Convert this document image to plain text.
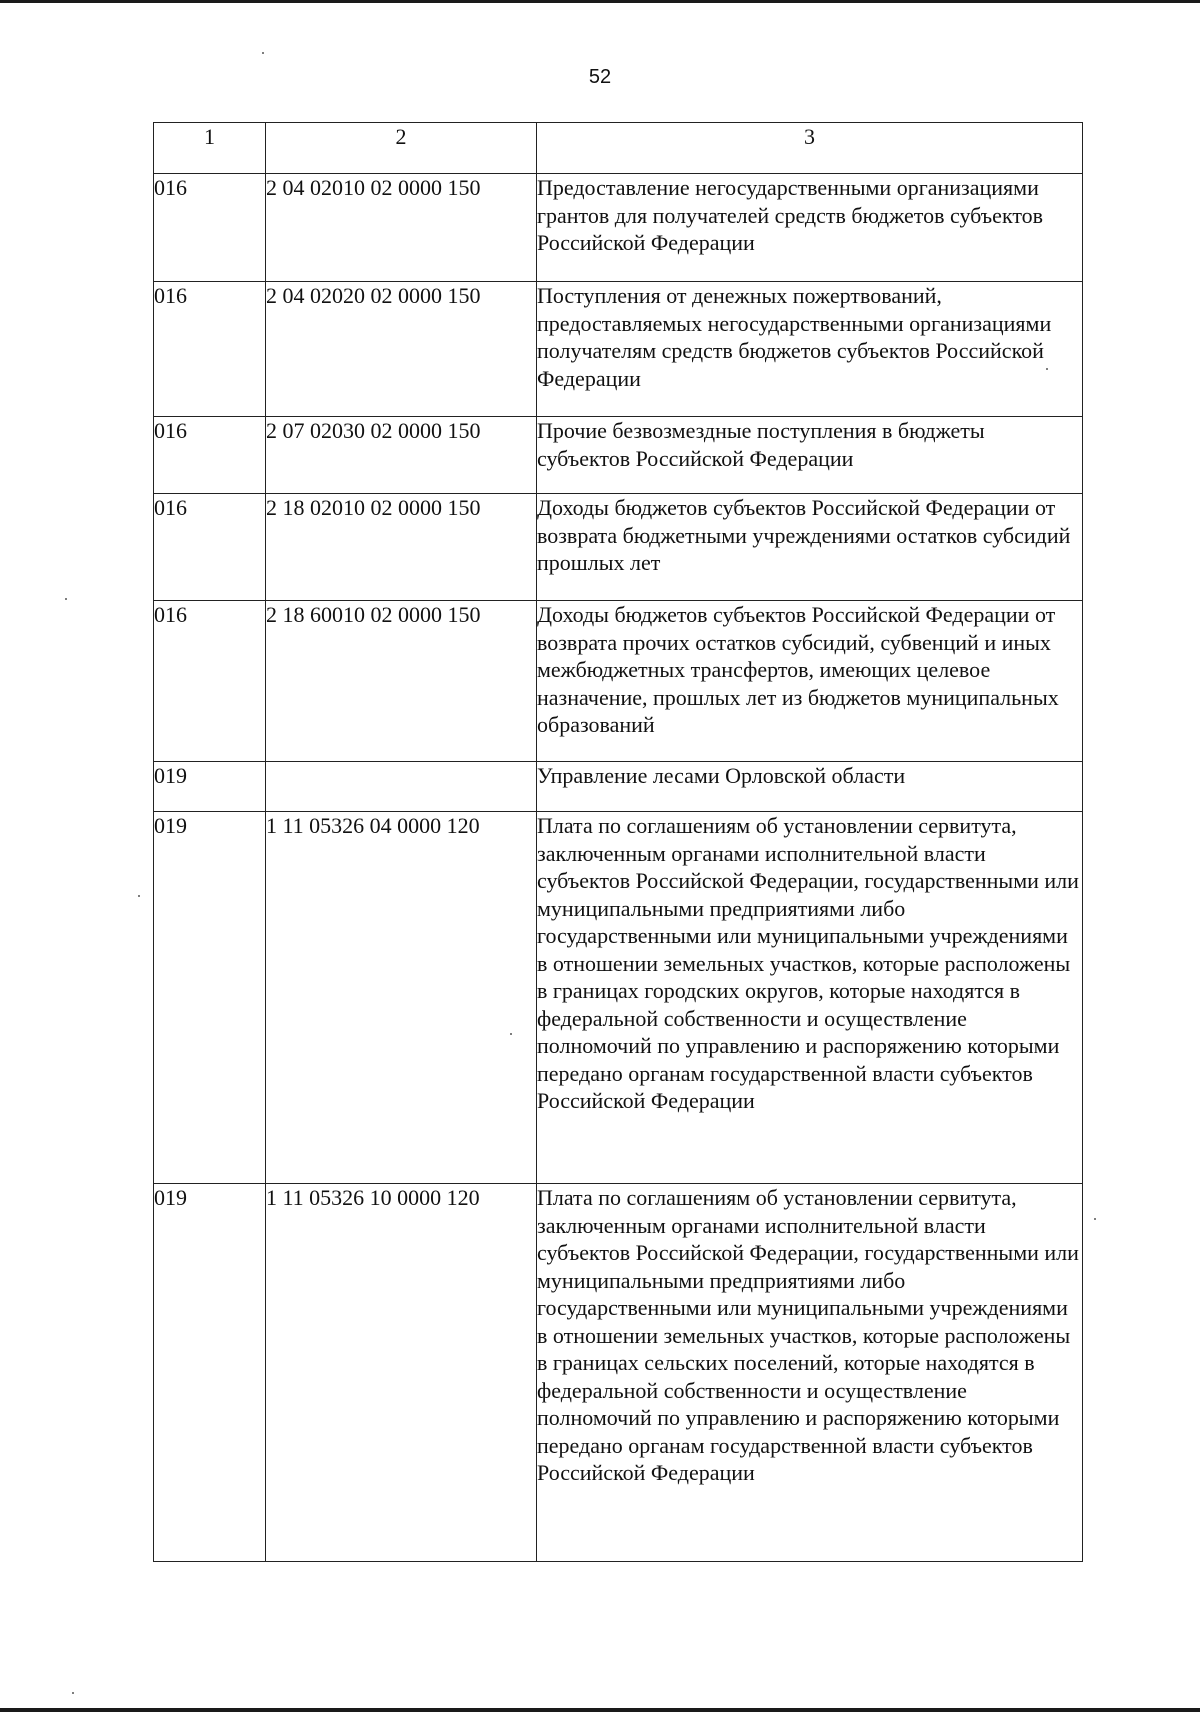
52
1	2	3
016	2 04 02010 02 0000 150	Предоставление негосударственными организациями грантов для получателей средств бюджетов субъектов Российской Федерации
016	2 04 02020 02 0000 150	Поступления от денежных пожертвований, предоставляемых негосударственными организациями получателям средств бюджетов субъектов Российской Федерации
016	2 07 02030 02 0000 150	Прочие безвозмездные поступления в бюджеты субъектов Российской Федерации
016	2 18 02010 02 0000 150	Доходы бюджетов субъектов Российской Федерации от возврата бюджетными учреждениями остатков субсидий прошлых лет
016	2 18 60010 02 0000 150	Доходы бюджетов субъектов Российской Федерации от возврата прочих остатков субсидий, субвенций и иных межбюджетных трансфертов, имеющих целевое назначение, прошлых лет из бюджетов муниципальных образований
019		Управление лесами Орловской области
019	1 11 05326 04 0000 120	Плата по соглашениям об установлении сервитута, заключенным органами исполнительной власти субъектов Российской Федерации, государственными или муниципальными предприятиями либо государственными или муниципальными учреждениями в отношении земельных участков, которые расположены в границах городских округов, которые находятся в федеральной собственности и осуществление полномочий по управлению и распоряжению которыми передано органам государственной власти субъектов Российской Федерации
019	1 11 05326 10 0000 120	Плата по соглашениям об установлении сервитута, заключенным органами исполнительной власти субъектов Российской Федерации, государственными или муниципальными предприятиями либо государственными или муниципальными учреждениями в отношении земельных участков, которые расположены в границах сельских поселений, которые находятся в федеральной собственности и осуществление полномочий по управлению и распоряжению которыми передано органам государственной власти субъектов Российской Федерации
